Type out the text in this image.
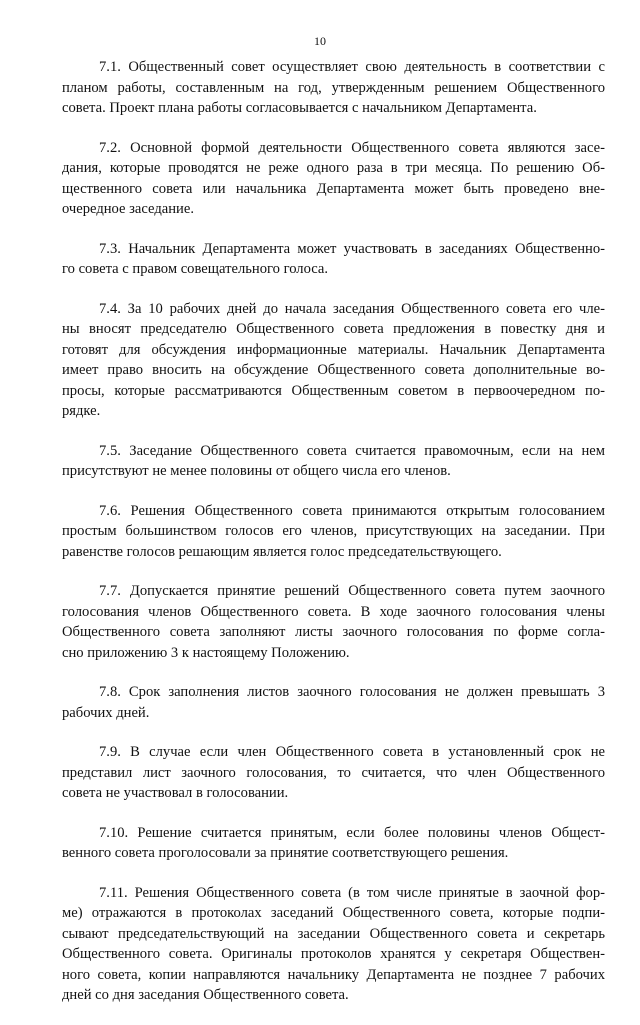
10
7.1. Общественный совет осуществляет свою деятельность в соответствии с
планом работы, составленным на год, утвержденным решением Общественного
совета. Проект плана работы согласовывается с начальником Департамента.
7.2. Основной формой деятельности Общественного совета являются засе-
дания, которые проводятся не реже одного раза в три месяца. По решению Об-
щественного совета или начальника Департамента может быть проведено вне-
очередное заседание.
7.3. Начальник Департамента может участвовать в заседаниях Общественно-
го совета с правом совещательного голоса.
7.4. За 10 рабочих дней до начала заседания Общественного совета его чле-
ны вносят председателю Общественного совета предложения в повестку дня и
готовят для обсуждения информационные материалы. Начальник Департамента
имеет право вносить на обсуждение Общественного совета дополнительные во-
просы, которые рассматриваются Общественным советом в первоочередном по-
рядке.
7.5. Заседание Общественного совета считается правомочным, если на нем
присутствуют не менее половины от общего числа его членов.
7.6. Решения Общественного совета принимаются открытым голосованием
простым большинством голосов его членов, присутствующих на заседании. При
равенстве голосов решающим является голос председательствующего.
7.7. Допускается принятие решений Общественного совета путем заочного
голосования членов Общественного совета. В ходе заочного голосования члены
Общественного совета заполняют листы заочного голосования по форме согла-
сно приложению 3 к настоящему Положению.
7.8. Срок заполнения листов заочного голосования не должен превышать 3
рабочих дней.
7.9. В случае если член Общественного совета в установленный срок не
представил лист заочного голосования, то считается, что член Общественного
совета не участвовал в голосовании.
7.10. Решение считается принятым, если более половины членов Общест-
венного совета проголосовали за принятие соответствующего решения.
7.11. Решения Общественного совета (в том числе принятые в заочной фор-
ме) отражаются в протоколах заседаний Общественного совета, которые подпи-
сывают председательствующий на заседании Общественного совета и секретарь
Общественного совета. Оригиналы протоколов хранятся у секретаря Обществен-
ного совета, копии направляются начальнику Департамента не позднее 7 рабочих
дней со дня заседания Общественного совета.
